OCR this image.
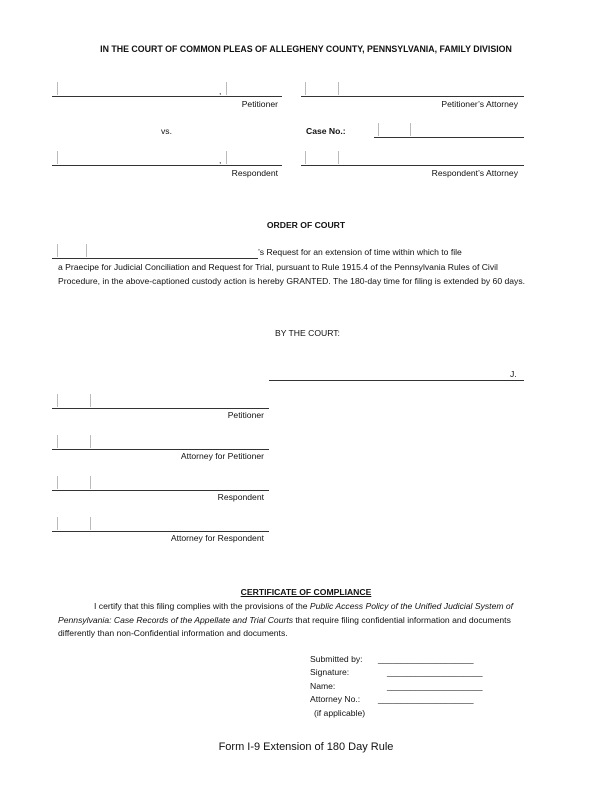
IN THE COURT OF COMMON PLEAS OF ALLEGHENY COUNTY, PENNSYLVANIA, FAMILY DIVISION
,
Petitioner	Petitioner’s Attorney
vs.	Case No.:
,
Respondent	Respondent’s Attorney
ORDER OF COURT
’s Request for an extension of time within which to file
a Praecipe for Judicial Conciliation and Request for Trial, pursuant to Rule 1915.4 of the Pennsylvania Rules of Civil Procedure, in the above-captioned custody action is hereby GRANTED. The 180-day time for filing is extended by 60 days.
BY THE COURT:
J.
Petitioner
Attorney for Petitioner
Respondent
Attorney for Respondent
CERTIFICATE OF COMPLIANCE
I certify that this filing complies with the provisions of the Public Access Policy of the Unified Judicial System of Pennsylvania: Case Records of the Appellate and Trial Courts that require filing confidential information and documents differently than non-Confidential information and documents.
Submitted by: ____________________
Signature:	____________________
Name:	____________________
Attorney No.: ____________________
(if applicable)
Form I-9 Extension of 180 Day Rule
